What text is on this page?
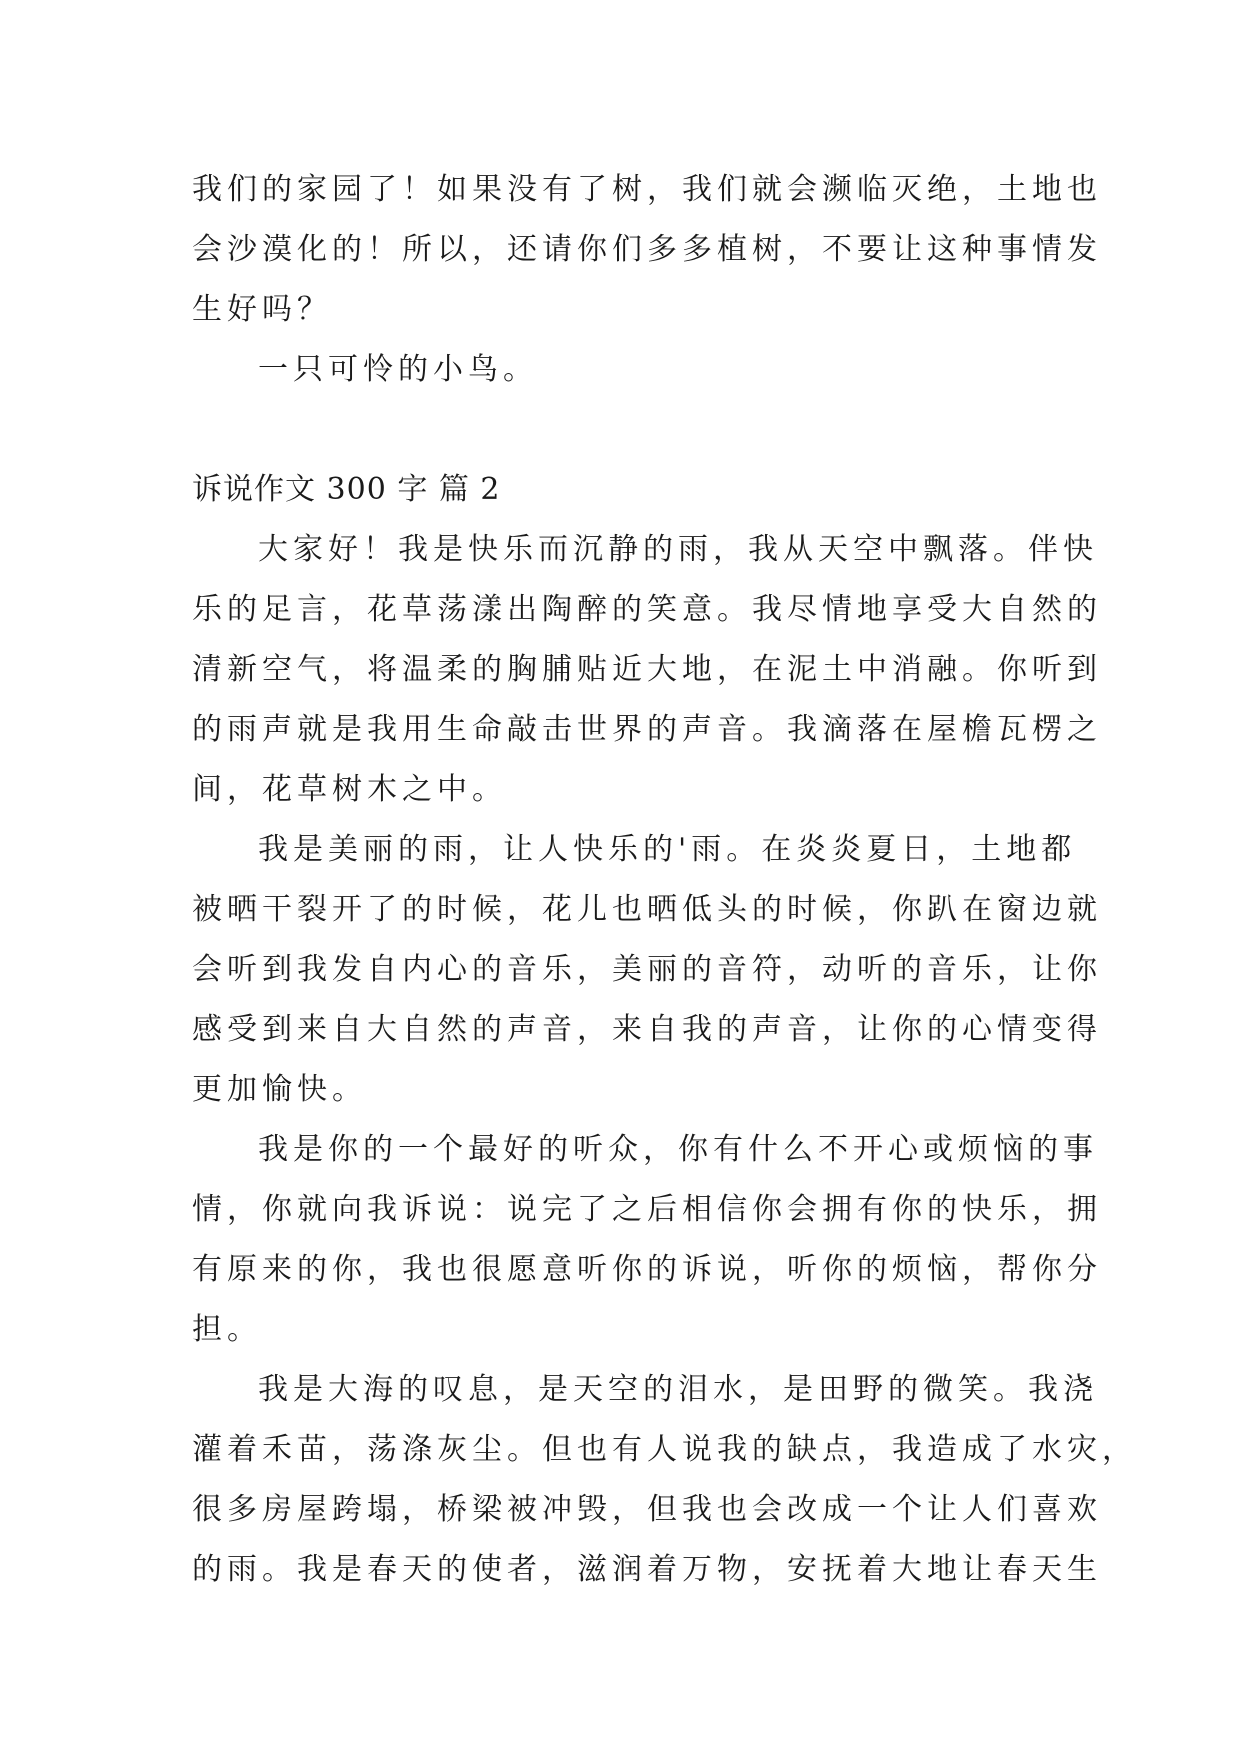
我们的家园了！如果没有了树，我们就会濒临灭绝，土地也
会沙漠化的！所以，还请你们多多植树，不要让这种事情发
生好吗？
一只可怜的小鸟。
诉说作文 300 字 篇 2
大家好！我是快乐而沉静的雨，我从天空中飘落。伴快
乐的足言，花草荡漾出陶醉的笑意。我尽情地享受大自然的
清新空气，将温柔的胸脯贴近大地，在泥土中消融。你听到
的雨声就是我用生命敲击世界的声音。我滴落在屋檐瓦楞之
间，花草树木之中。
我是美丽的雨，让人快乐的'雨。在炎炎夏日，土地都
被晒干裂开了的时候，花儿也晒低头的时候，你趴在窗边就
会听到我发自内心的音乐，美丽的音符，动听的音乐，让你
感受到来自大自然的声音，来自我的声音，让你的心情变得
更加愉快。
我是你的一个最好的听众，你有什么不开心或烦恼的事
情，你就向我诉说：说完了之后相信你会拥有你的快乐，拥
有原来的你，我也很愿意听你的诉说，听你的烦恼，帮你分
担。
我是大海的叹息，是天空的泪水，是田野的微笑。我浇
灌着禾苗，荡涤灰尘。但也有人说我的缺点，我造成了水灾，
很多房屋跨塌，桥梁被冲毁，但我也会改成一个让人们喜欢
的雨。我是春天的使者，滋润着万物，安抚着大地让春天生
